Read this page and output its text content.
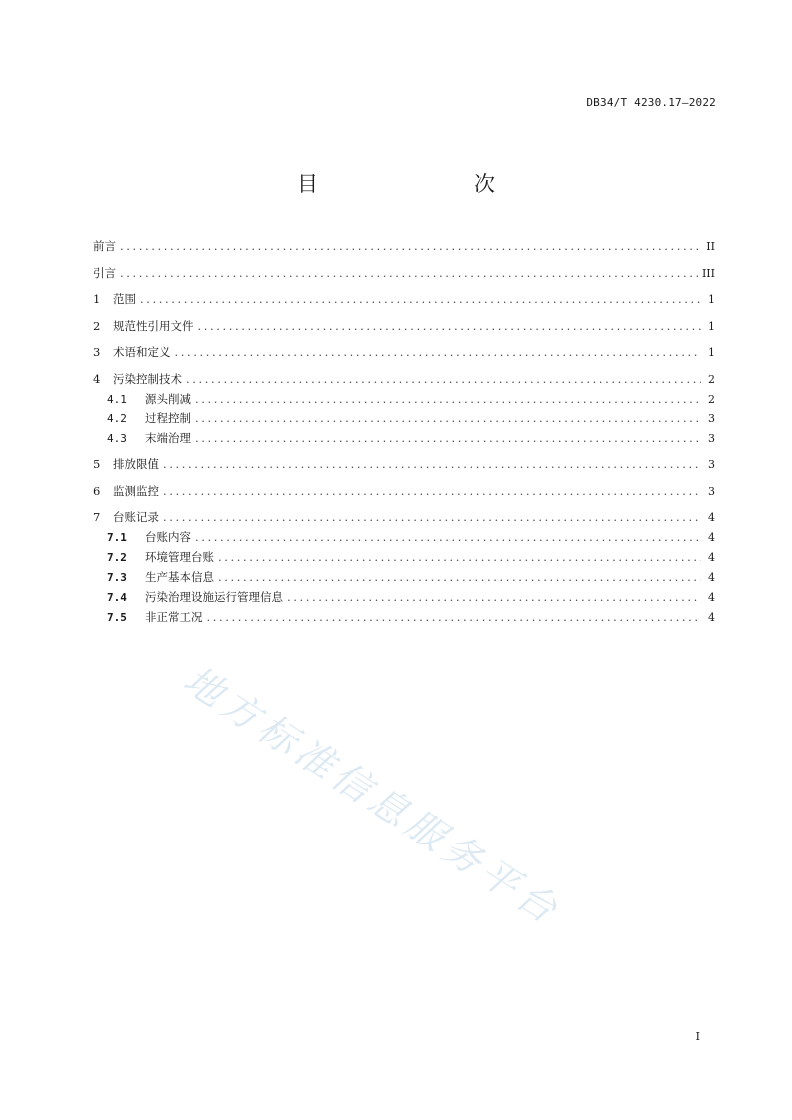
DB34/T 4230.17—2022
目　　次
前言 .....	II
引言 .....	III
1	范围 .....	1
2	规范性引用文件 .....	1
3	术语和定义 .....	1
4	污染控制技术 .....	2
4.1	源头削减 .....	2
4.2	过程控制 .....	3
4.3	末端治理 .....	3
5	排放限值 .....	3
6	监测监控 .....	3
7	台账记录 .....	4
7.1	台账内容 .....	4
7.2	环境管理台账 .....	4
7.3	生产基本信息 .....	4
7.4	污染治理设施运行管理信息 .....	4
7.5	非正常工况 .....	4
地方标准信息服务平台
I
